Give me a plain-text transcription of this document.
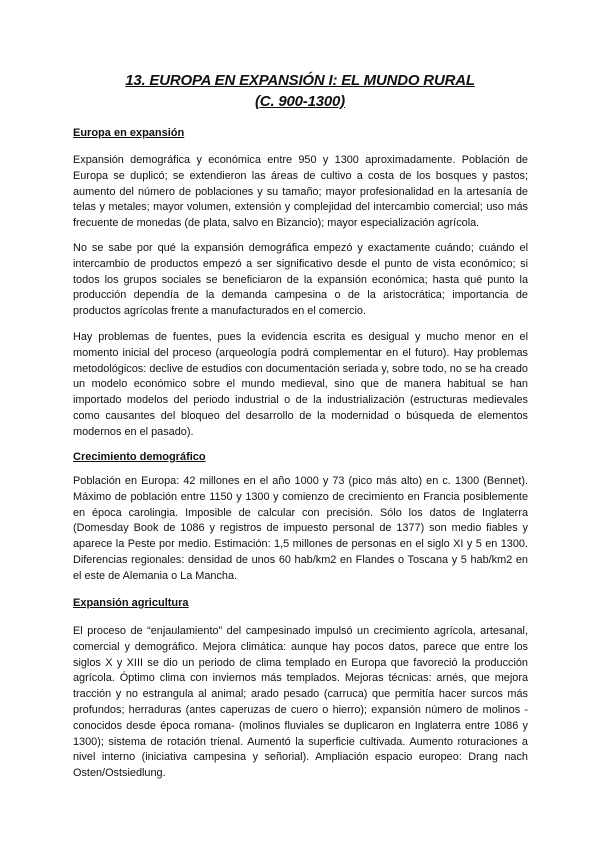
13. EUROPA EN EXPANSIÓN I: EL MUNDO RURAL
(C. 900-1300)
Europa en expansión

Expansión demográfica y económica entre 950 y 1300 aproximadamente. Población de Europa se duplicó; se extendieron las áreas de cultivo a costa de los bosques y pastos; aumento del número de poblaciones y su tamaño; mayor profesionalidad en la artesanía de telas y metales; mayor volumen, extensión y complejidad del intercambio comercial; uso más frecuente de monedas (de plata, salvo en Bizancio); mayor especialización agrícola.

No se sabe por qué la expansión demográfica empezó y exactamente cuándo; cuándo el intercambio de productos empezó a ser significativo desde el punto de vista económico; si todos los grupos sociales se beneficiaron de la expansión económica; hasta qué punto la producción dependía de la demanda campesina o de la aristocrática; importancia de productos agrícolas frente a manufacturados en el comercio.

Hay problemas de fuentes, pues la evidencia escrita es desigual y mucho menor en el momento inicial del proceso (arqueología podrá complementar en el futuro). Hay problemas metodológicos: declive de estudios con documentación seriada y, sobre todo, no se ha creado un modelo económico sobre el mundo medieval, sino que de manera habitual se han importado modelos del periodo industrial o de la industrialización (estructuras medievales como causantes del bloqueo del desarrollo de la modernidad o búsqueda de elementos modernos en el pasado).

Crecimiento demográfico

Población en Europa: 42 millones en el año 1000 y 73 (pico más alto) en c. 1300 (Bennet). Máximo de población entre 1150 y 1300 y comienzo de crecimiento en Francia posiblemente en época carolingia. Imposible de calcular con precisión. Sólo los datos de Inglaterra (Domesday Book de 1086 y registros de impuesto personal de 1377) son medio fiables y aparece la Peste por medio. Estimación: 1,5 millones de personas en el siglo XI y 5 en 1300. Diferencias regionales: densidad de unos 60 hab/km2 en Flandes o Toscana y 5 hab/km2 en el este de Alemania o La Mancha.

Expansión agricultura

El proceso de “enjaulamiento” del campesinado impulsó un crecimiento agrícola, artesanal, comercial y demográfico. Mejora climática: aunque hay pocos datos, parece que entre los siglos X y XIII se dio un periodo de clima templado en Europa que favoreció la producción agrícola. Óptimo clima con inviernos más templados. Mejoras técnicas: arnés, que mejora tracción y no estrangula al animal; arado pesado (carruca) que permitía hacer surcos más profundos; herraduras (antes caperuzas de cuero o hierro); expansión número de molinos -conocidos desde época romana- (molinos fluviales se duplicaron en Inglaterra entre 1086 y 1300); sistema de rotación trienal. Aumentó la superficie cultivada. Aumento roturaciones a nivel interno (iniciativa campesina y señorial). Ampliación espacio europeo: Drang nach Osten/Ostsiedlung.
